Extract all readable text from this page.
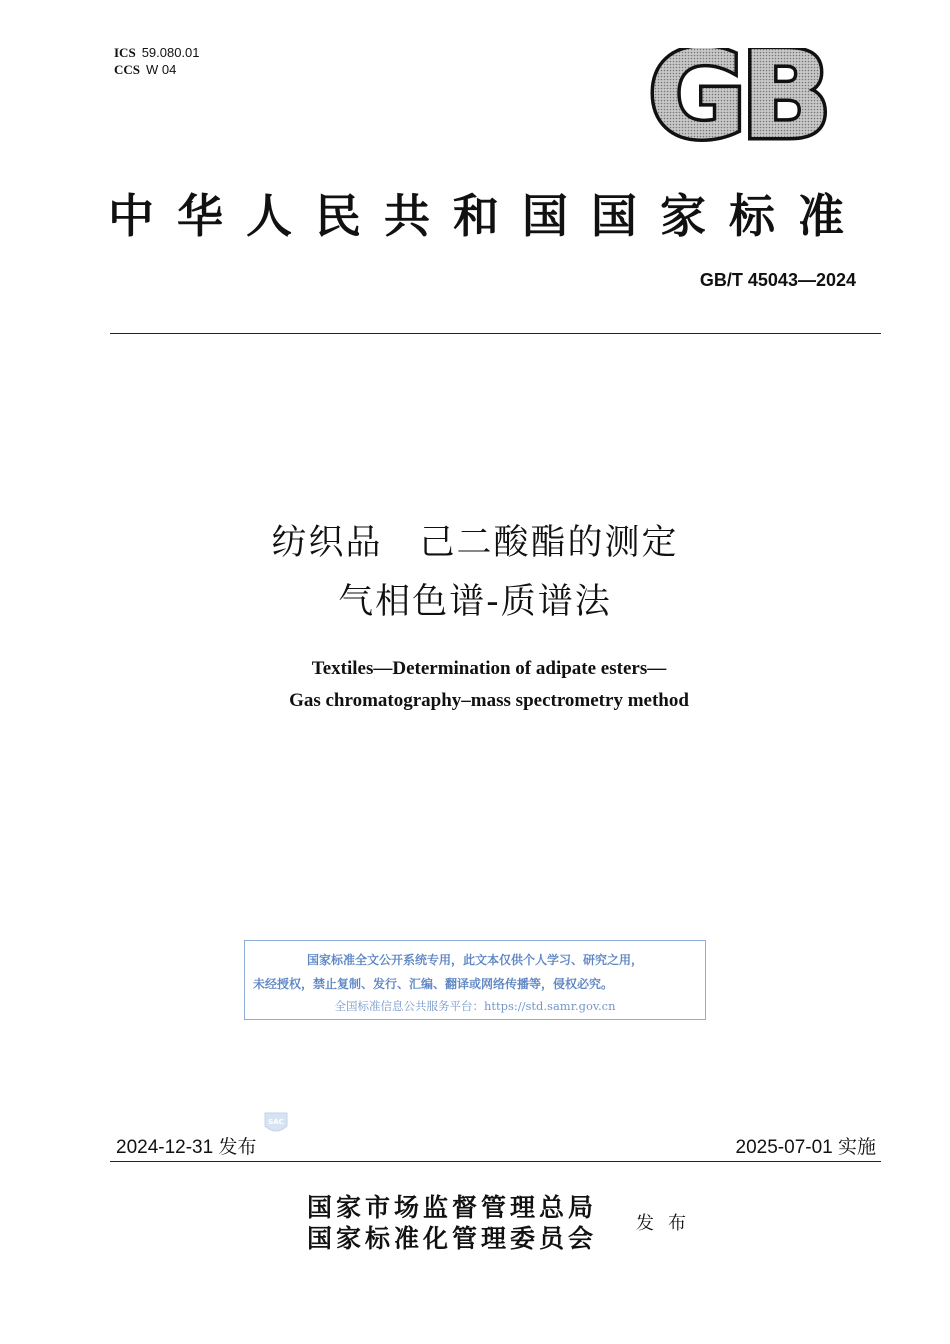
ICS 59.080.01
CCS W 04	GB
中华人民共和国国家标准
GB/T 45043—2024
纺织品　己二酸酯的测定
气相色谱-质谱法
Textiles—Determination of adipate esters—
Gas chromatography–mass spectrometry method
国家标准全文公开系统专用，此文本仅供个人学习、研究之用，
未经授权，禁止复制、发行、汇编、翻译或网络传播等，侵权必究。
全国标准信息公共服务平台：https://std.samr.gov.cn
SAC
2024-12-31 发布	2025-07-01 实施
国家市场监督管理总局
国家标准化管理委员会
发布
